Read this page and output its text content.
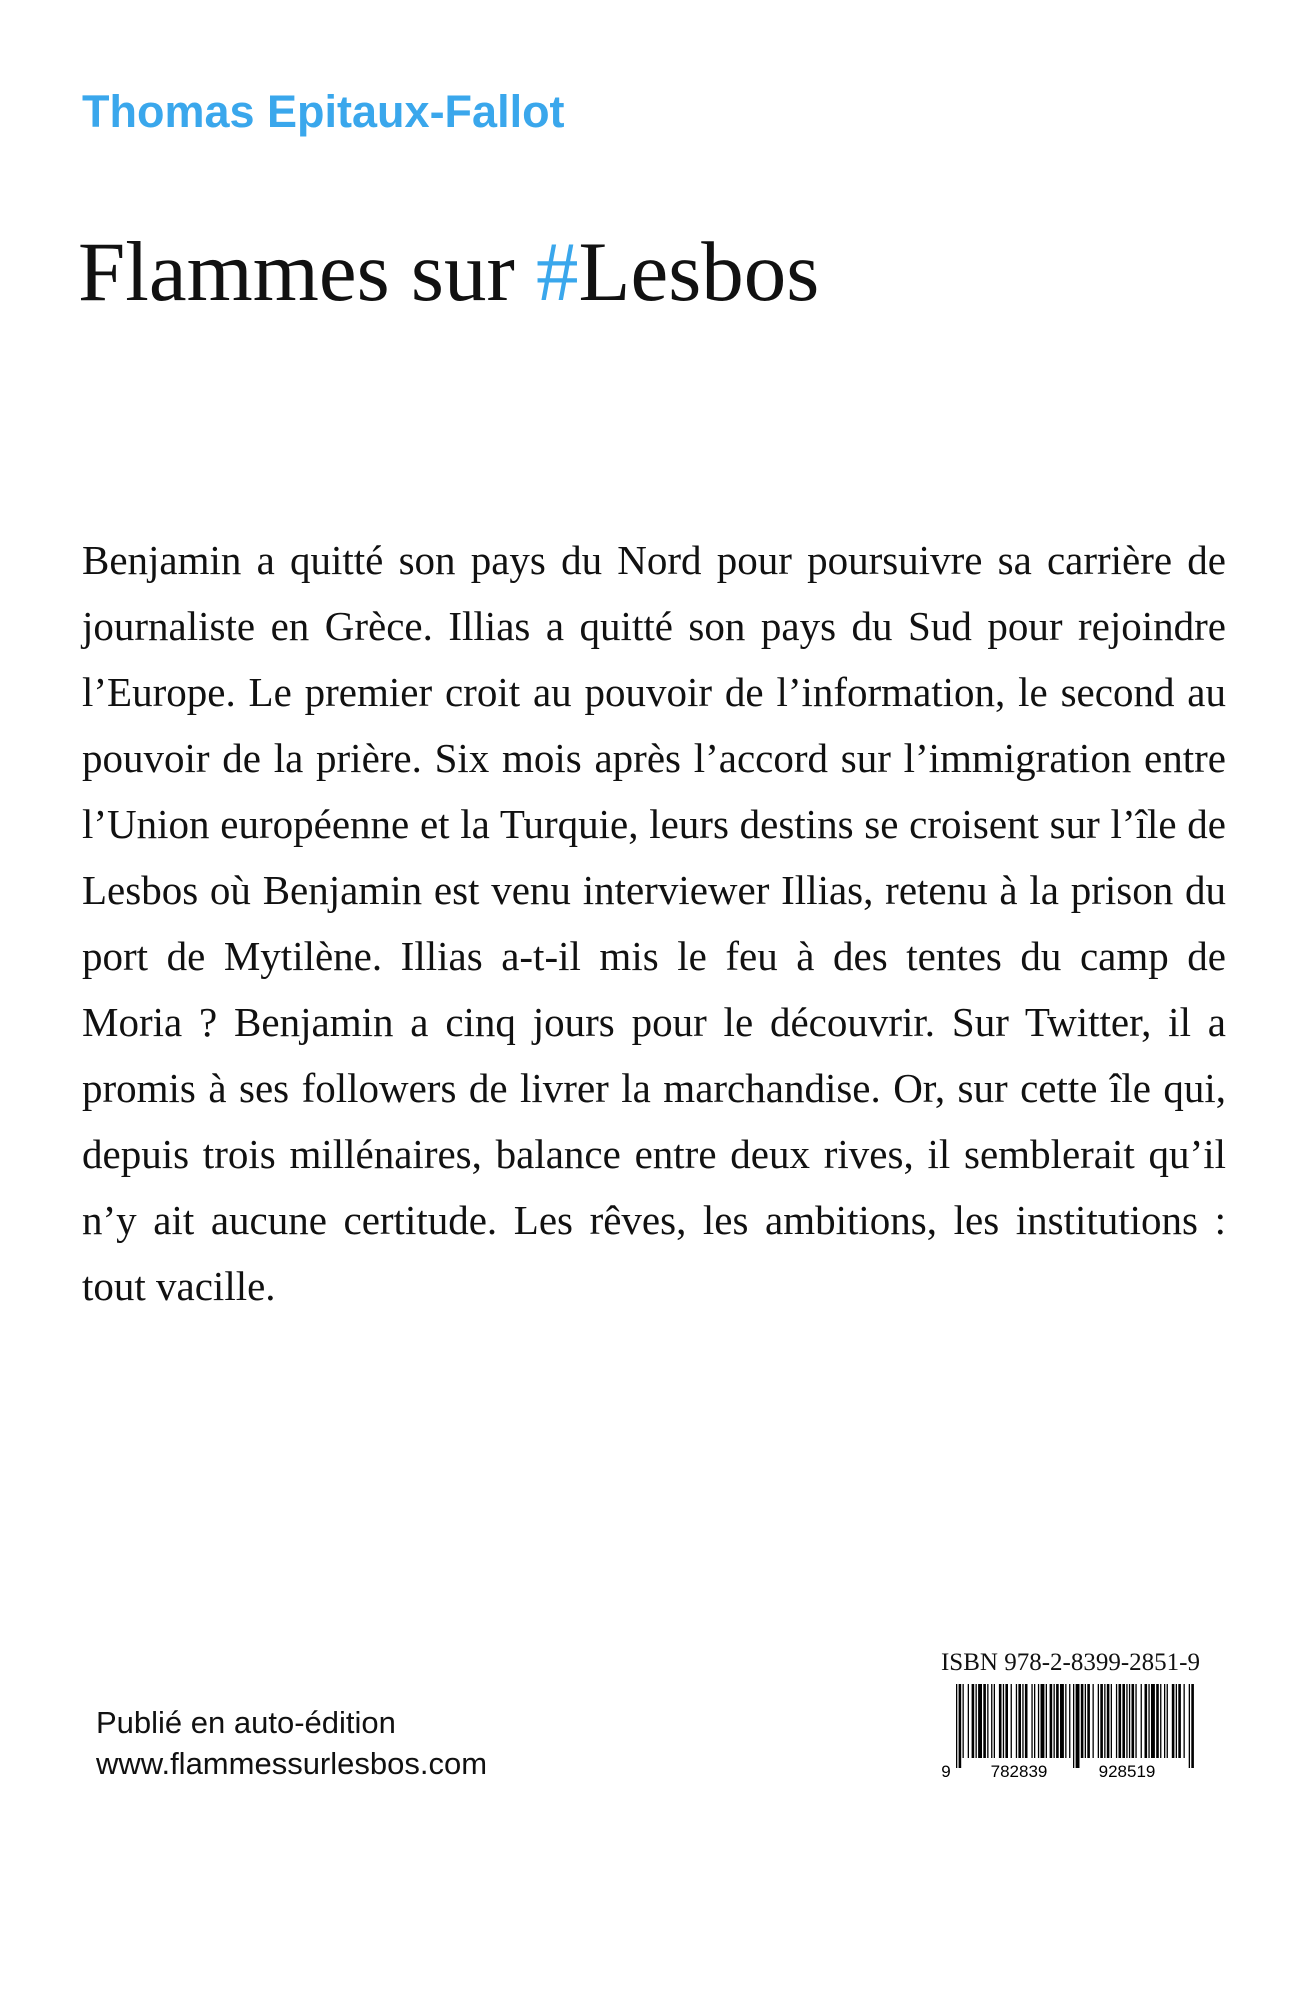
Thomas Epitaux-Fallot
Flammes sur #Lesbos

Benjamin a quitté son pays du Nord pour poursuivre sa carrière de journaliste en Grèce. Illias a quitté son pays du Sud pour rejoindre l’Europe. Le premier croit au pouvoir de l’information, le second au pouvoir de la prière. Six mois après l’accord sur l’immigration entre l’Union européenne et la Turquie, leurs destins se croisent sur l’île de Lesbos où Benjamin est venu interviewer Illias, retenu à la prison du port de Mytilène. Illias a-t-il mis le feu à des tentes du camp de Moria ? Benjamin a cinq jours pour le découvrir. Sur Twitter, il a promis à ses followers de livrer la marchandise. Or, sur cette île qui, depuis trois millénaires, balance entre deux rives, il semblerait qu’il n’y ait aucune certitude. Les rêves, les ambitions, les institutions : tout vacille.

Publié en auto-édition
www.flammessurlesbos.com
ISBN 978-2-8399-2851-9
9 782839	928519
